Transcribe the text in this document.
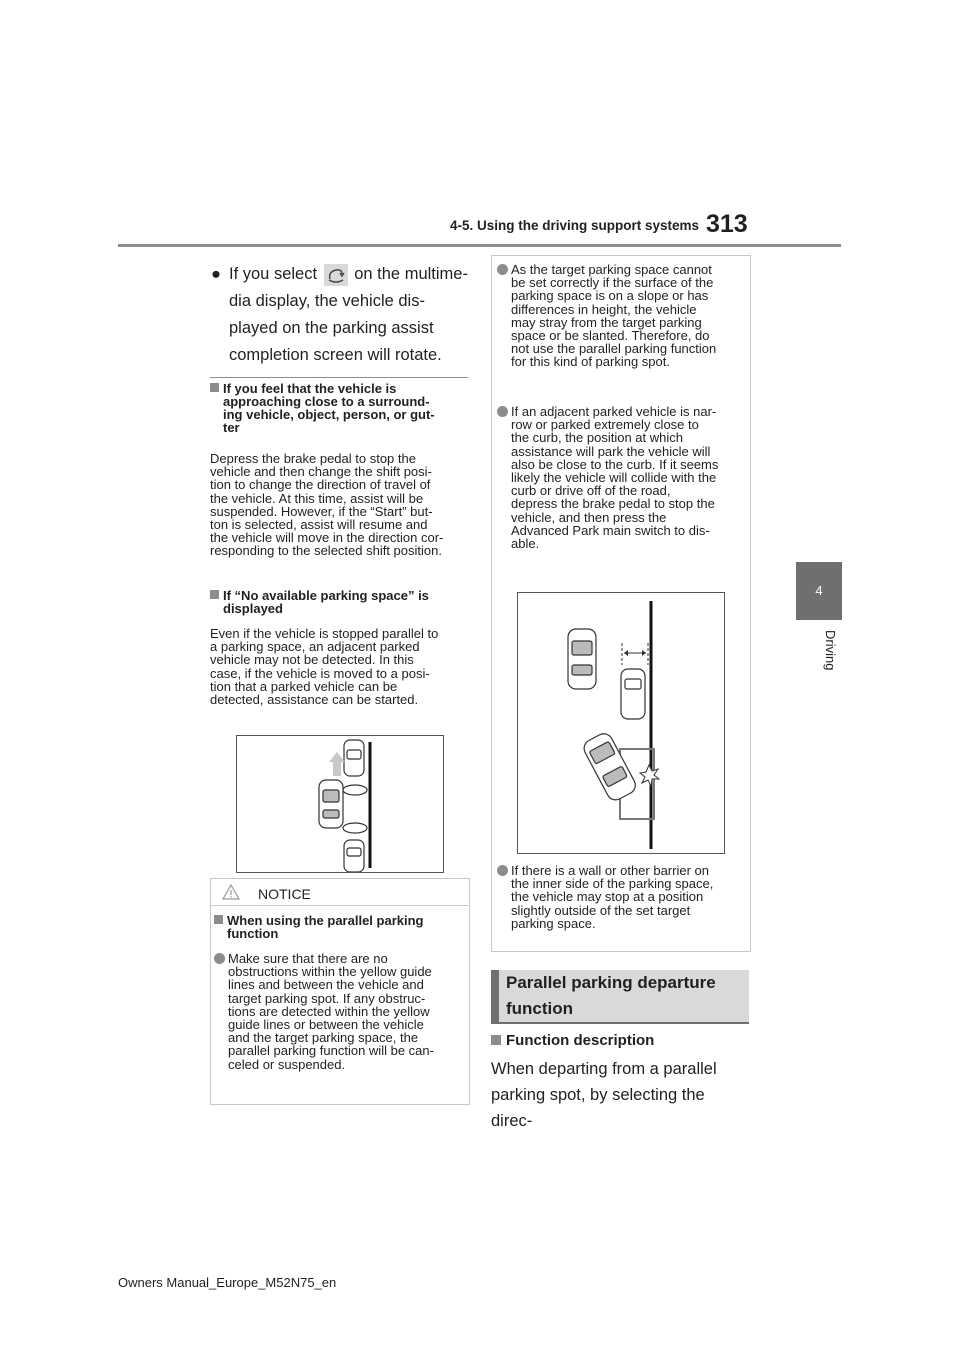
4-5. Using the driving support systems 313
4
Driving
● If you select on the multime-
dia display, the vehicle dis-
played on the parking assist
completion screen will rotate.
If you feel that the vehicle is
approaching close to a surround-
ing vehicle, object, person, or gut-
ter
Depress the brake pedal to stop the
vehicle and then change the shift posi-
tion to change the direction of travel of
the vehicle. At this time, assist will be
suspended. However, if the “Start” but-
ton is selected, assist will resume and
the vehicle will move in the direction cor-
responding to the selected shift position.
If “No available parking space” is
displayed
Even if the vehicle is stopped parallel to
a parking space, an adjacent parked
vehicle may not be detected. In this
case, if the vehicle is moved to a posi-
tion that a parked vehicle can be
detected, assistance can be started.
NOTICE
When using the parallel parking
function
Make sure that there are no
obstructions within the yellow guide
lines and between the vehicle and
target parking spot. If any obstruc-
tions are detected within the yellow
guide lines or between the vehicle
and the target parking space, the
parallel parking function will be can-
celed or suspended.
As the target parking space cannot
be set correctly if the surface of the
parking space is on a slope or has
differences in height, the vehicle
may stray from the target parking
space or be slanted. Therefore, do
not use the parallel parking function
for this kind of parking spot.
If an adjacent parked vehicle is nar-
row or parked extremely close to
the curb, the position at which
assistance will park the vehicle will
also be close to the curb. If it seems
likely the vehicle will collide with the
curb or drive off of the road,
depress the brake pedal to stop the
vehicle, and then press the
Advanced Park main switch to dis-
able.
If there is a wall or other barrier on
the inner side of the parking space,
the vehicle may stop at a position
slightly outside of the set target
parking space.
Parallel parking departure
function
Function description
When departing from a parallel
parking spot, by selecting the direc-
Owners Manual_Europe_M52N75_en
